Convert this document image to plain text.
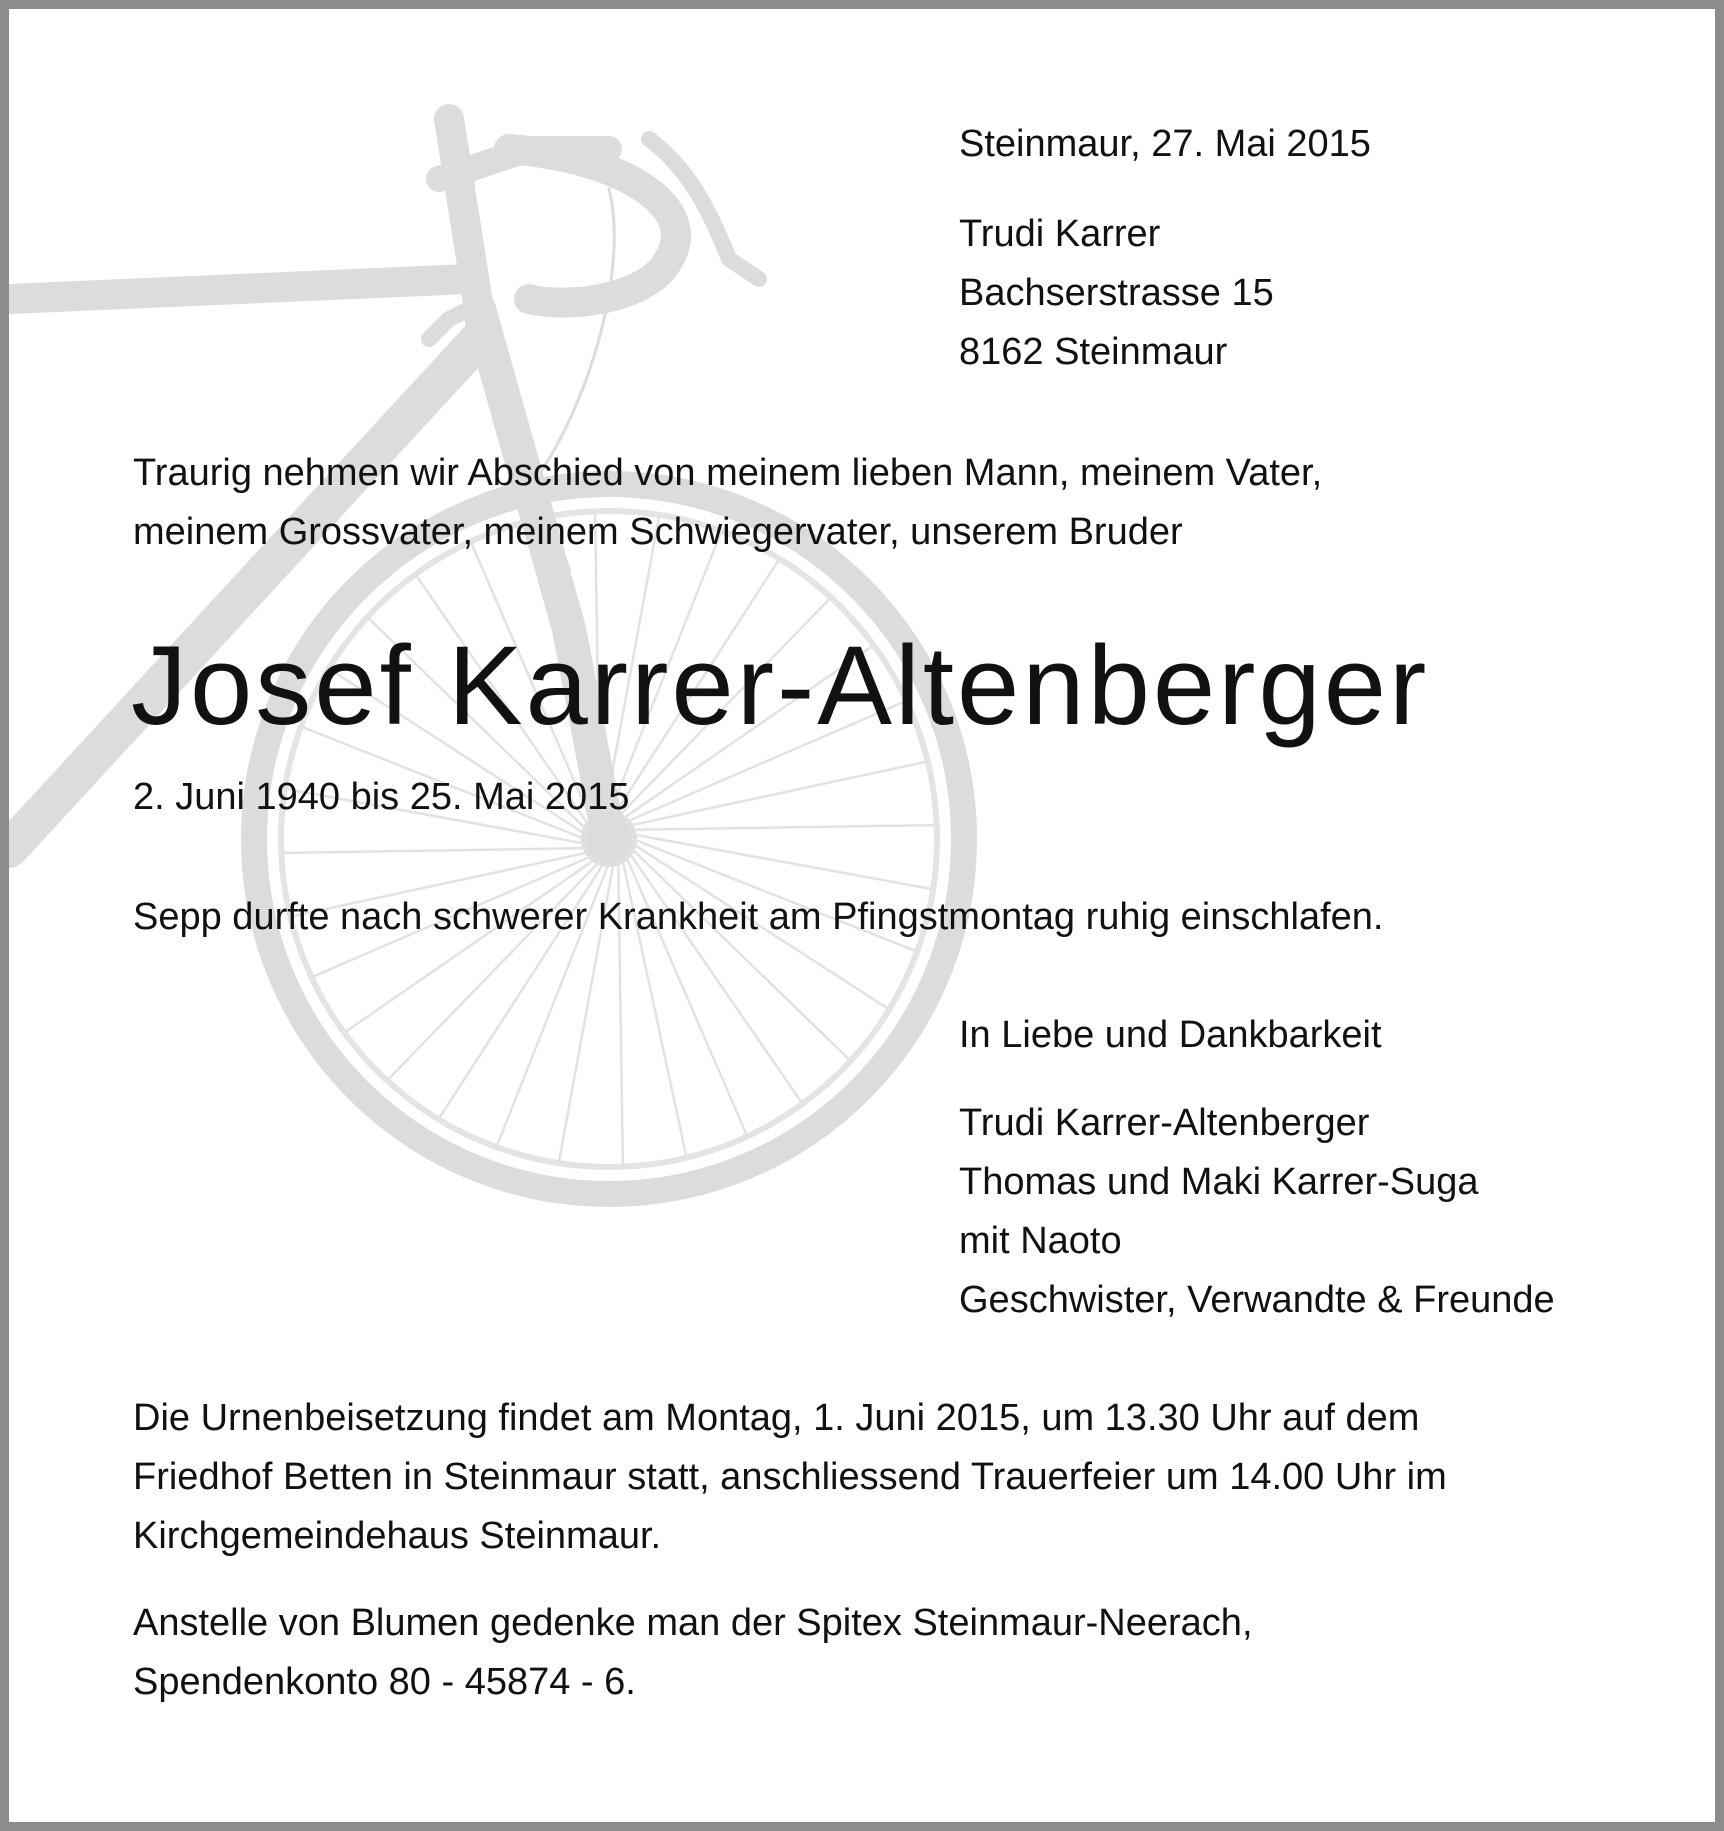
Steinmaur, 27. Mai 2015
Trudi Karrer
Bachserstrasse 15
8162 Steinmaur
Traurig nehmen wir Abschied von meinem lieben Mann, meinem Vater,
meinem Grossvater, meinem Schwiegervater, unserem Bruder
Josef Karrer-Altenberger
2. Juni 1940 bis 25. Mai 2015
Sepp durfte nach schwerer Krankheit am Pfingstmontag ruhig einschlafen.
In Liebe und Dankbarkeit
Trudi Karrer-Altenberger
Thomas und Maki Karrer-Suga
mit Naoto
Geschwister, Verwandte & Freunde
Die Urnenbeisetzung findet am Montag, 1. Juni 2015, um 13.30 Uhr auf dem
Friedhof Betten in Steinmaur statt, anschliessend Trauerfeier um 14.00 Uhr im
Kirchgemeindehaus Steinmaur.
Anstelle von Blumen gedenke man der Spitex Steinmaur-Neerach,
Spendenkonto 80 - 45874 - 6.
